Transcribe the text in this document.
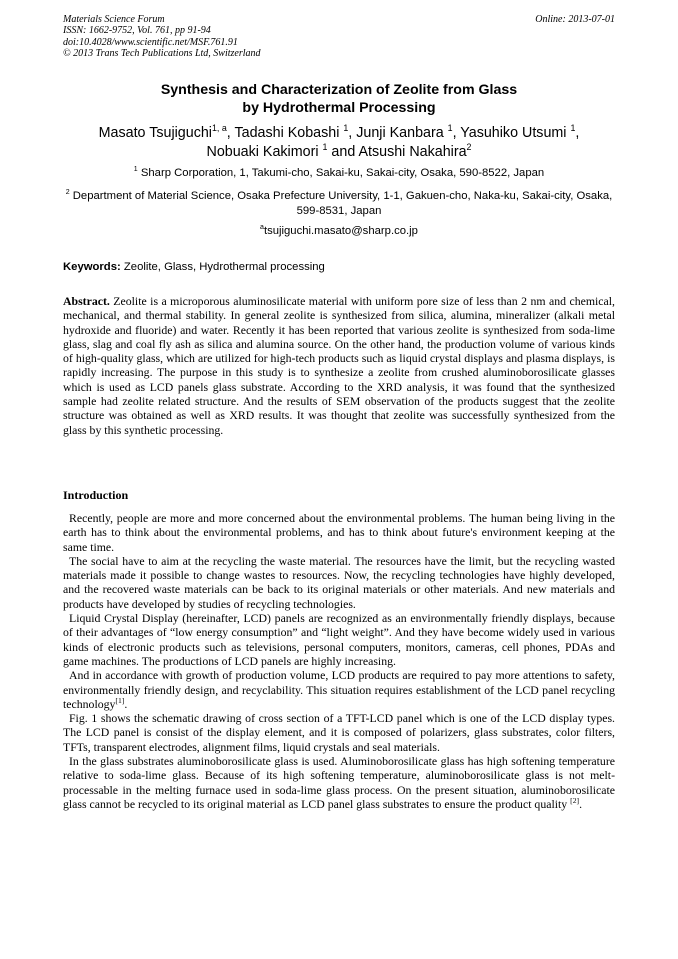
Materials Science Forum
ISSN: 1662-9752, Vol. 761, pp 91-94
doi:10.4028/www.scientific.net/MSF.761.91
© 2013 Trans Tech Publications Ltd, Switzerland
Online: 2013-07-01
Synthesis and Characterization of Zeolite from Glass
by Hydrothermal Processing
Masato Tsujiguchi$^{1, a}$, Tadashi Kobashi $^1$, Junji Kanbara $^1$, Yasuhiko Utsumi $^1$,
Nobuaki Kakimori $^1$ and Atsushi Nakahira$^2$
$^1$ Sharp Corporation, 1, Takumi-cho, Sakai-ku, Sakai-city, Osaka, 590-8522, Japan
$^2$ Department of Material Science, Osaka Prefecture University, 1-1, Gakuen-cho, Naka-ku, Sakai-city, Osaka, 599-8531, Japan
$^a$tsujiguchi.masato@sharp.co.jp
Keywords: Zeolite, Glass, Hydrothermal processing
Abstract. Zeolite is a microporous aluminosilicate material with uniform pore size of less than 2 nm and chemical, mechanical, and thermal stability. In general zeolite is synthesized from silica, alumina, mineralizer (alkali metal hydroxide and fluoride) and water. Recently it has been reported that various zeolite is synthesized from soda-lime glass, slag and coal fly ash as silica and alumina source. On the other hand, the production volume of various kinds of high-quality glass, which are utilized for high-tech products such as liquid crystal displays and plasma displays, is rapidly increasing. The purpose in this study is to synthesize a zeolite from crushed aluminoborosilicate glasses which is used as LCD panels glass substrate. According to the XRD analysis, it was found that the synthesized sample had zeolite related structure. And the results of SEM observation of the products suggest that the zeolite structure was obtained as well as XRD results. It was thought that zeolite was successfully synthesized from the glass by this synthetic processing.
Introduction

Recently, people are more and more concerned about the environmental problems. The human being living in the earth has to think about the environmental problems, and has to think about future's environment keeping at the same time.

The social have to aim at the recycling the waste material. The resources have the limit, but the recycling wasted materials made it possible to change wastes to resources. Now, the recycling technologies have highly developed, and the recovered waste materials can be back to its original materials or other materials. And new materials and products have developed by studies of recycling technologies.

Liquid Crystal Display (hereinafter, LCD) panels are recognized as an environmentally friendly displays, because of their advantages of “low energy consumption” and “light weight”. And they have become widely used in various kinds of electronic products such as televisions, personal computers, monitors, cameras, cell phones, PDAs and game machines. The productions of LCD panels are highly increasing.

And in accordance with growth of production volume, LCD products are required to pay more attentions to safety, environmentally friendly design, and recyclability. This situation requires establishment of the LCD panel recycling technology[1].

Fig. 1 shows the schematic drawing of cross section of a TFT-LCD panel which is one of the LCD display types. The LCD panel is consist of the display element, and it is composed of polarizers, glass substrates, color filters, TFTs, transparent electrodes, alignment films, liquid crystals and seal materials.

In the glass substrates aluminoborosilicate glass is used. Aluminoborosilicate glass has high softening temperature relative to soda-lime glass. Because of its high softening temperature, aluminoborosilicate glass is not melt-processable in the melting furnace used in soda-lime glass process. On the present situation, aluminoborosilicate glass cannot be recycled to its original material as LCD panel glass substrates to ensure the product quality [2].
